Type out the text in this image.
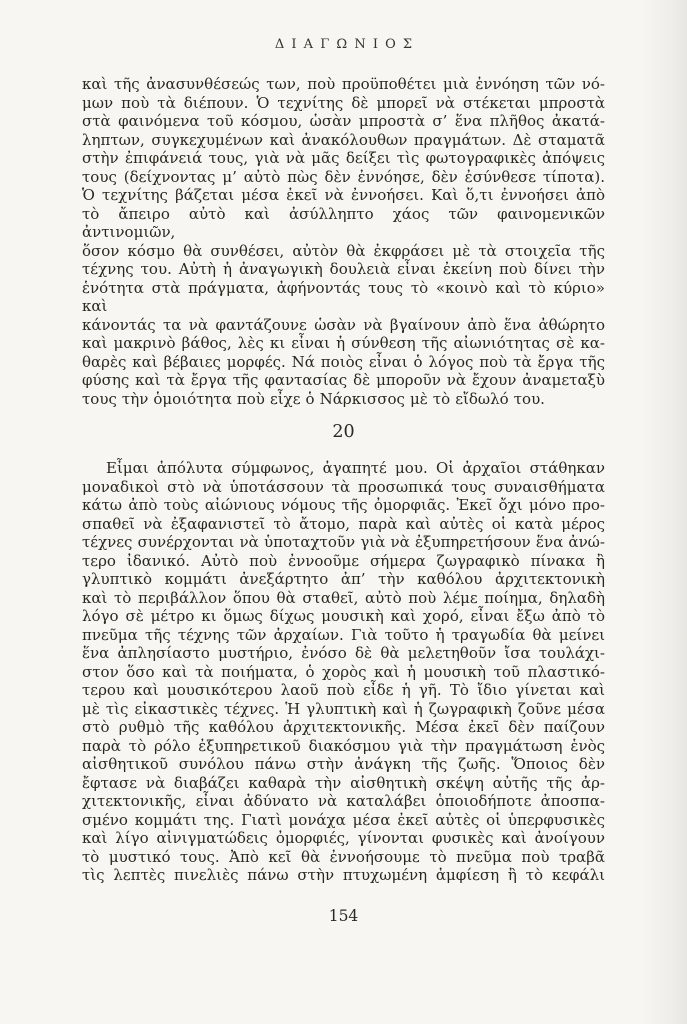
ΔΙΑΓΩΝΙΟΣ
καὶ τῆς ἀνασυνθέσεώς των, ποὺ προϋποθέτει μιὰ ἐννόηση τῶν νό-
μων ποὺ τὰ διέπουν. Ὁ τεχνίτης δὲ μπορεῖ νὰ στέκεται μπροστὰ
στὰ φαινόμενα τοῦ κόσμου, ὡσὰν μπροστὰ σ’ ἕνα πλῆθος ἀκατά-
ληπτων, συγκεχυμένων καὶ ἀνακόλουθων πραγμάτων. Δὲ σταματᾶ
στὴν ἐπιφάνειά τους, γιὰ νὰ μᾶς δείξει τὶς φωτογραφικὲς ἀπόψεις
τους (δείχνοντας μ’ αὐτὸ πὼς δὲν ἐννόησε, δὲν ἐσύνθεσε τίποτα).
Ὁ τεχνίτης βάζεται μέσα ἐκεῖ νὰ ἐννοήσει. Καὶ ὅ,τι ἐννοήσει ἀπὸ
τὸ ἄπειρο αὐτὸ καὶ ἀσύλληπτο χάος τῶν φαινομενικῶν ἀντινομιῶν,
ὅσον κόσμο θὰ συνθέσει, αὐτὸν θὰ ἐκφράσει μὲ τὰ στοιχεῖα τῆς
τέχνης του. Αὐτὴ ἡ ἀναγωγικὴ δουλειὰ εἶναι ἐκείνη ποὺ δίνει τὴν
ἑνότητα στὰ πράγματα, ἀφήνοντάς τους τὸ «κοινὸ καὶ τὸ κύριο» καὶ
κάνοντάς τα νὰ φαντάζουνε ὡσὰν νὰ βγαίνουν ἀπὸ ἕνα ἀθώρητο
καὶ μακρινὸ βάθος, λὲς κι εἶναι ἡ σύνθεση τῆς αἰωνιότητας σὲ κα-
θαρὲς καὶ βέβαιες μορφές. Νά ποιὸς εἶναι ὁ λόγος ποὺ τὰ ἔργα τῆς
φύσης καὶ τὰ ἔργα τῆς φαντασίας δὲ μποροῦν νὰ ἔχουν ἀναμεταξὺ
τους τὴν ὁμοιότητα ποὺ εἶχε ὁ Νάρκισσος μὲ τὸ εἴδωλό του.
20
Εἶμαι ἀπόλυτα σύμφωνος, ἀγαπητέ μου. Οἱ ἀρχαῖοι στάθηκαν
μοναδικοὶ στὸ νὰ ὑποτάσσουν τὰ προσωπικά τους συναισθήματα
κάτω ἀπὸ τοὺς αἰώνιους νόμους τῆς ὀμορφιᾶς. Ἐκεῖ ὄχι μόνο προ-
σπαθεῖ νὰ ἐξαφανιστεῖ τὸ ἄτομο, παρὰ καὶ αὐτὲς οἱ κατὰ μέρος
τέχνες συνέρχονται νὰ ὑποταχτοῦν γιὰ νὰ ἐξυπηρετήσουν ἕνα ἀνώ-
τερο ἰδανικό. Αὐτὸ ποὺ ἐννοοῦμε σήμερα ζωγραφικὸ πίνακα ἢ
γλυπτικὸ κομμάτι ἀνεξάρτητο ἀπ’ τὴν καθόλου ἀρχιτεκτονικὴ
καὶ τὸ περιβάλλον ὅπου θὰ σταθεῖ, αὐτὸ ποὺ λέμε ποίημα, δηλαδὴ
λόγο σὲ μέτρο κι ὅμως δίχως μουσικὴ καὶ χορό, εἶναι ἔξω ἀπὸ τὸ
πνεῦμα τῆς τέχνης τῶν ἀρχαίων. Γιὰ τοῦτο ἡ τραγωδία θὰ μείνει
ἕνα ἀπλησίαστο μυστήριο, ἐνόσο δὲ θὰ μελετηθοῦν ἴσα τουλάχι-
στον ὅσο καὶ τὰ ποιήματα, ὁ χορὸς καὶ ἡ μουσικὴ τοῦ πλαστικό-
τερου καὶ μουσικότερου λαοῦ ποὺ εἶδε ἡ γῆ. Τὸ ἴδιο γίνεται καὶ
μὲ τὶς εἰκαστικὲς τέχνες. Ἡ γλυπτικὴ καὶ ἡ ζωγραφικὴ ζοῦνε μέσα
στὸ ρυθμὸ τῆς καθόλου ἀρχιτεκτονικῆς. Μέσα ἐκεῖ δὲν παίζουν
παρὰ τὸ ρόλο ἐξυπηρετικοῦ διακόσμου γιὰ τὴν πραγμάτωση ἑνὸς
αἰσθητικοῦ συνόλου πάνω στὴν ἀνάγκη τῆς ζωῆς. Ὅποιος δὲν
ἔφτασε νὰ διαβάζει καθαρὰ τὴν αἰσθητικὴ σκέψη αὐτῆς τῆς ἀρ-
χιτεκτονικῆς, εἶναι ἀδύνατο νὰ καταλάβει ὁποιοδήποτε ἀποσπα-
σμένο κομμάτι της. Γιατὶ μονάχα μέσα ἐκεῖ αὐτὲς οἱ ὑπερφυσικὲς
καὶ λίγο αἰνιγματώδεις ὀμορφιές, γίνονται φυσικὲς καὶ ἀνοίγουν
τὸ μυστικό τους. Ἀπὸ κεῖ θὰ ἐννοήσουμε τὸ πνεῦμα ποὺ τραβᾶ
τὶς λεπτὲς πινελιὲς πάνω στὴν πτυχωμένη ἀμφίεση ἢ τὸ κεφάλι
154
